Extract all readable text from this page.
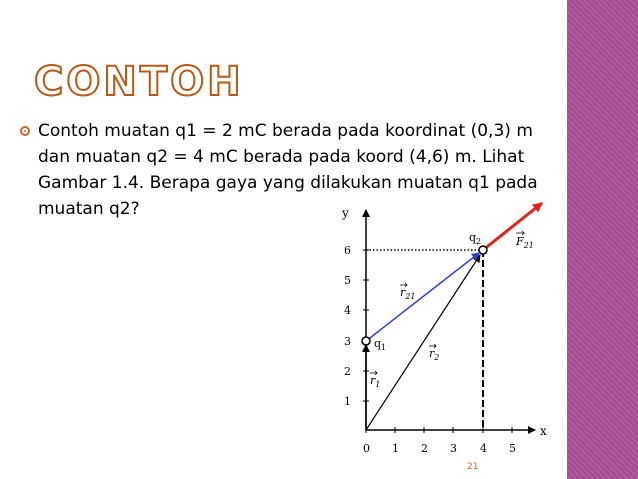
CONTOH
Contoh muatan q1 = 2 mC berada pada koordinat (0,3) m dan muatan q2 = 4 mC berada pada koord (4,6) m. Lihat Gambar 1.4. Berapa gaya yang dilakukan muatan q1 pada muatan q2?
x
y
0 1 2 3 4 5
1
2
3
4
5
6
$q_1$
$q_2$
$r_1$
$r_2$
$r_{21}$
$F_{21}$
21
